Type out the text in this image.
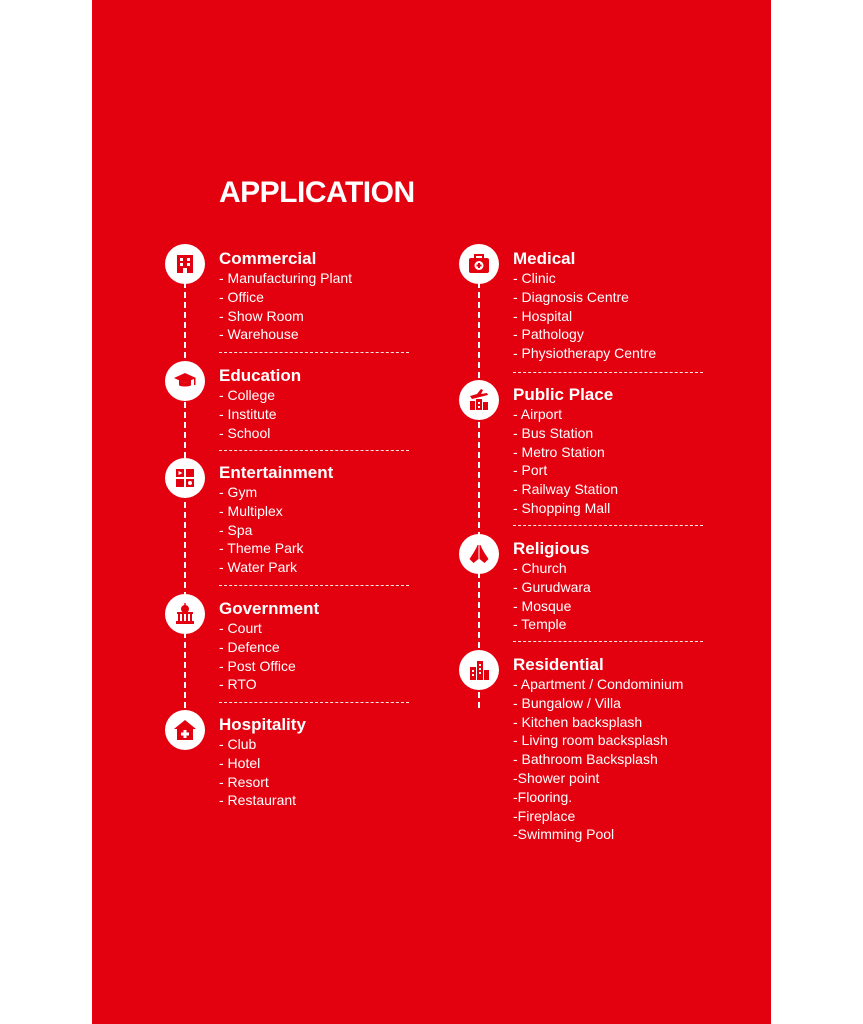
APPLICATION
Commercial
- Manufacturing Plant
- Office
- Show Room
- Warehouse
Education
- College
- Institute
- School
Entertainment
- Gym
- Multiplex
- Spa
- Theme Park
- Water Park
Government
- Court
- Defence
- Post Office
- RTO
Hospitality
- Club
- Hotel
- Resort
- Restaurant
Medical
- Clinic
- Diagnosis Centre
- Hospital
- Pathology
- Physiotherapy Centre
Public Place
- Airport
- Bus Station
- Metro Station
- Port
- Railway Station
- Shopping Mall
Religious
- Church
- Gurudwara
- Mosque
- Temple
Residential
- Apartment / Condominium
- Bungalow / Villa
- Kitchen backsplash
- Living room backsplash
- Bathroom Backsplash
-Shower point
-Flooring.
-Fireplace
-Swimming Pool
